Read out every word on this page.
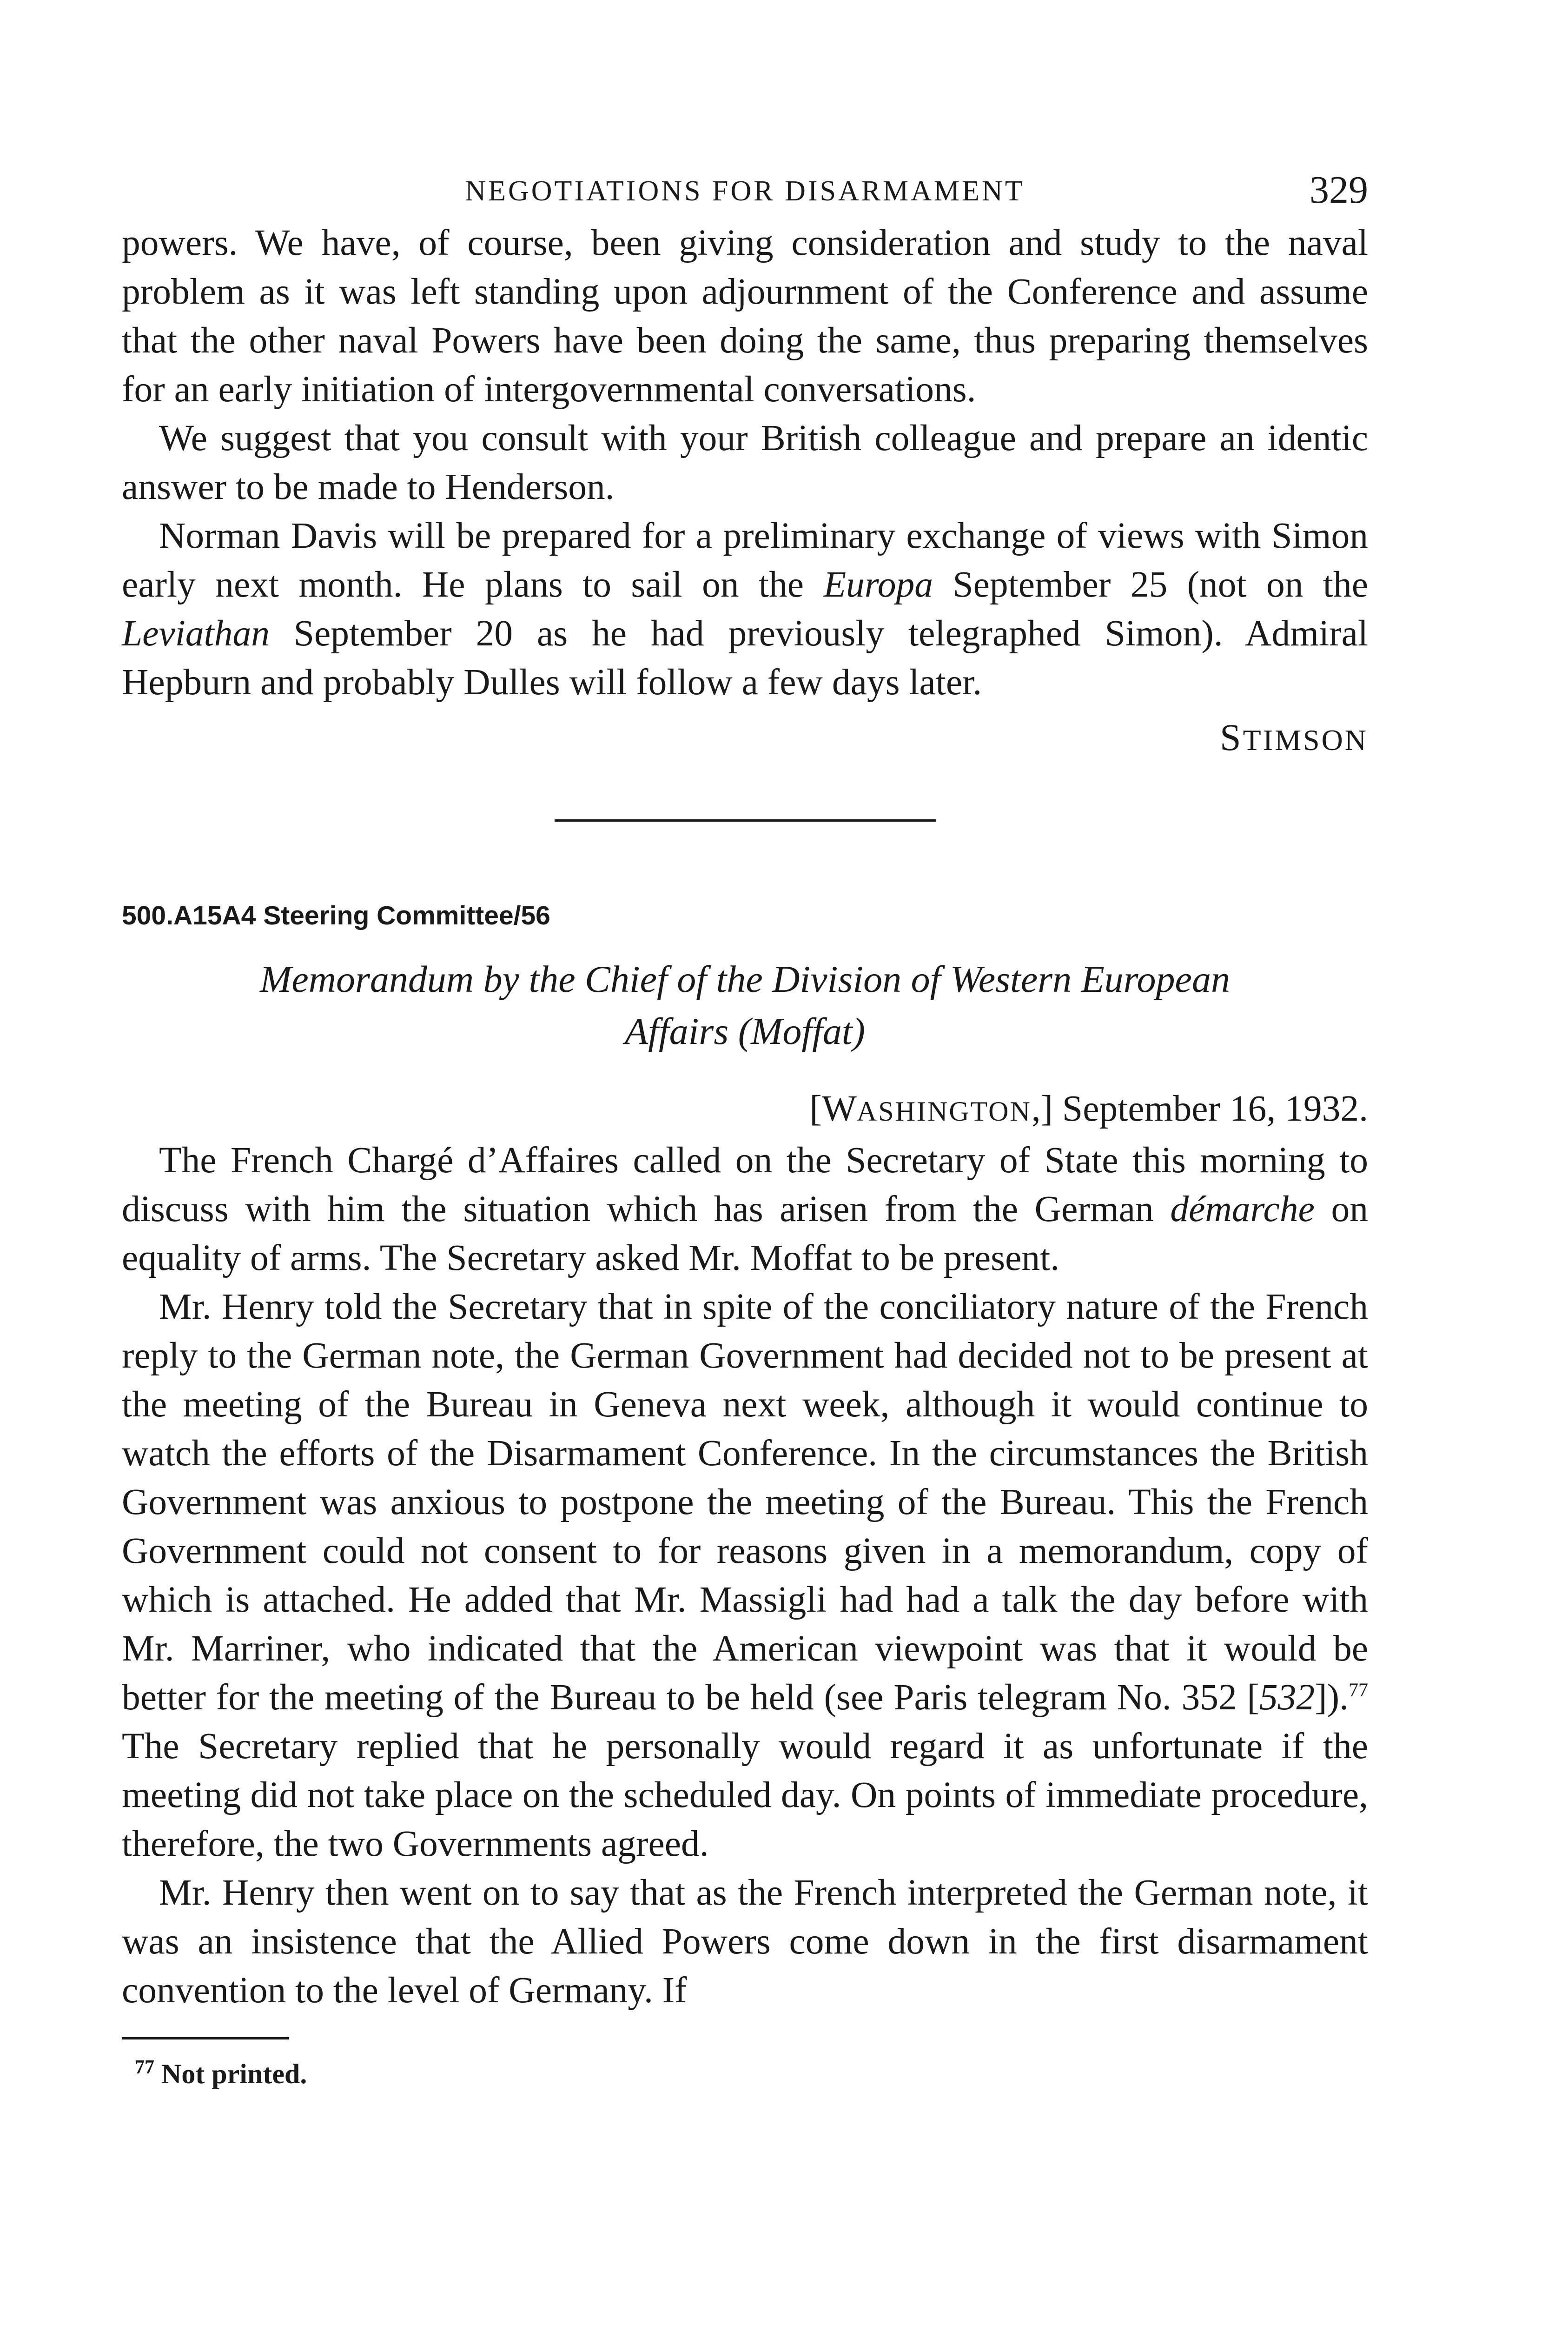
NEGOTIATIONS FOR DISARMAMENT	329

powers. We have, of course, been giving consideration and study to the naval problem as it was left standing upon adjournment of the Conference and assume that the other naval Powers have been doing the same, thus preparing themselves for an early initiation of intergovernmental conversations.

We suggest that you consult with your British colleague and prepare an identic answer to be made to Henderson.

Norman Davis will be prepared for a preliminary exchange of views with Simon early next month. He plans to sail on the Europa September 25 (not on the Leviathan September 20 as he had previously telegraphed Simon). Admiral Hepburn and probably Dulles will follow a few days later.

STIMSON
500.A15A4 Steering Committee/56
Memorandum by the Chief of the Division of Western European
Affairs (Moffat)
[WASHINGTON,] September 16, 1932.

The French Chargé d’Affaires called on the Secretary of State this morning to discuss with him the situation which has arisen from the German démarche on equality of arms. The Secretary asked Mr. Moffat to be present.

Mr. Henry told the Secretary that in spite of the conciliatory nature of the French reply to the German note, the German Government had decided not to be present at the meeting of the Bureau in Geneva next week, although it would continue to watch the efforts of the Disarmament Conference. In the circumstances the British Government was anxious to postpone the meeting of the Bureau. This the French Government could not consent to for reasons given in a memorandum, copy of which is attached. He added that Mr. Massigli had had a talk the day before with Mr. Marriner, who indicated that the American viewpoint was that it would be better for the meeting of the Bureau to be held (see Paris telegram No. 352 [532]).$^{77}$ The Secretary replied that he personally would regard it as unfortunate if the meeting did not take place on the scheduled day. On points of immediate procedure, therefore, the two Governments agreed.

Mr. Henry then went on to say that as the French interpreted the German note, it was an insistence that the Allied Powers come down in the first disarmament convention to the level of Germany. If

$^{77}$ Not printed.
